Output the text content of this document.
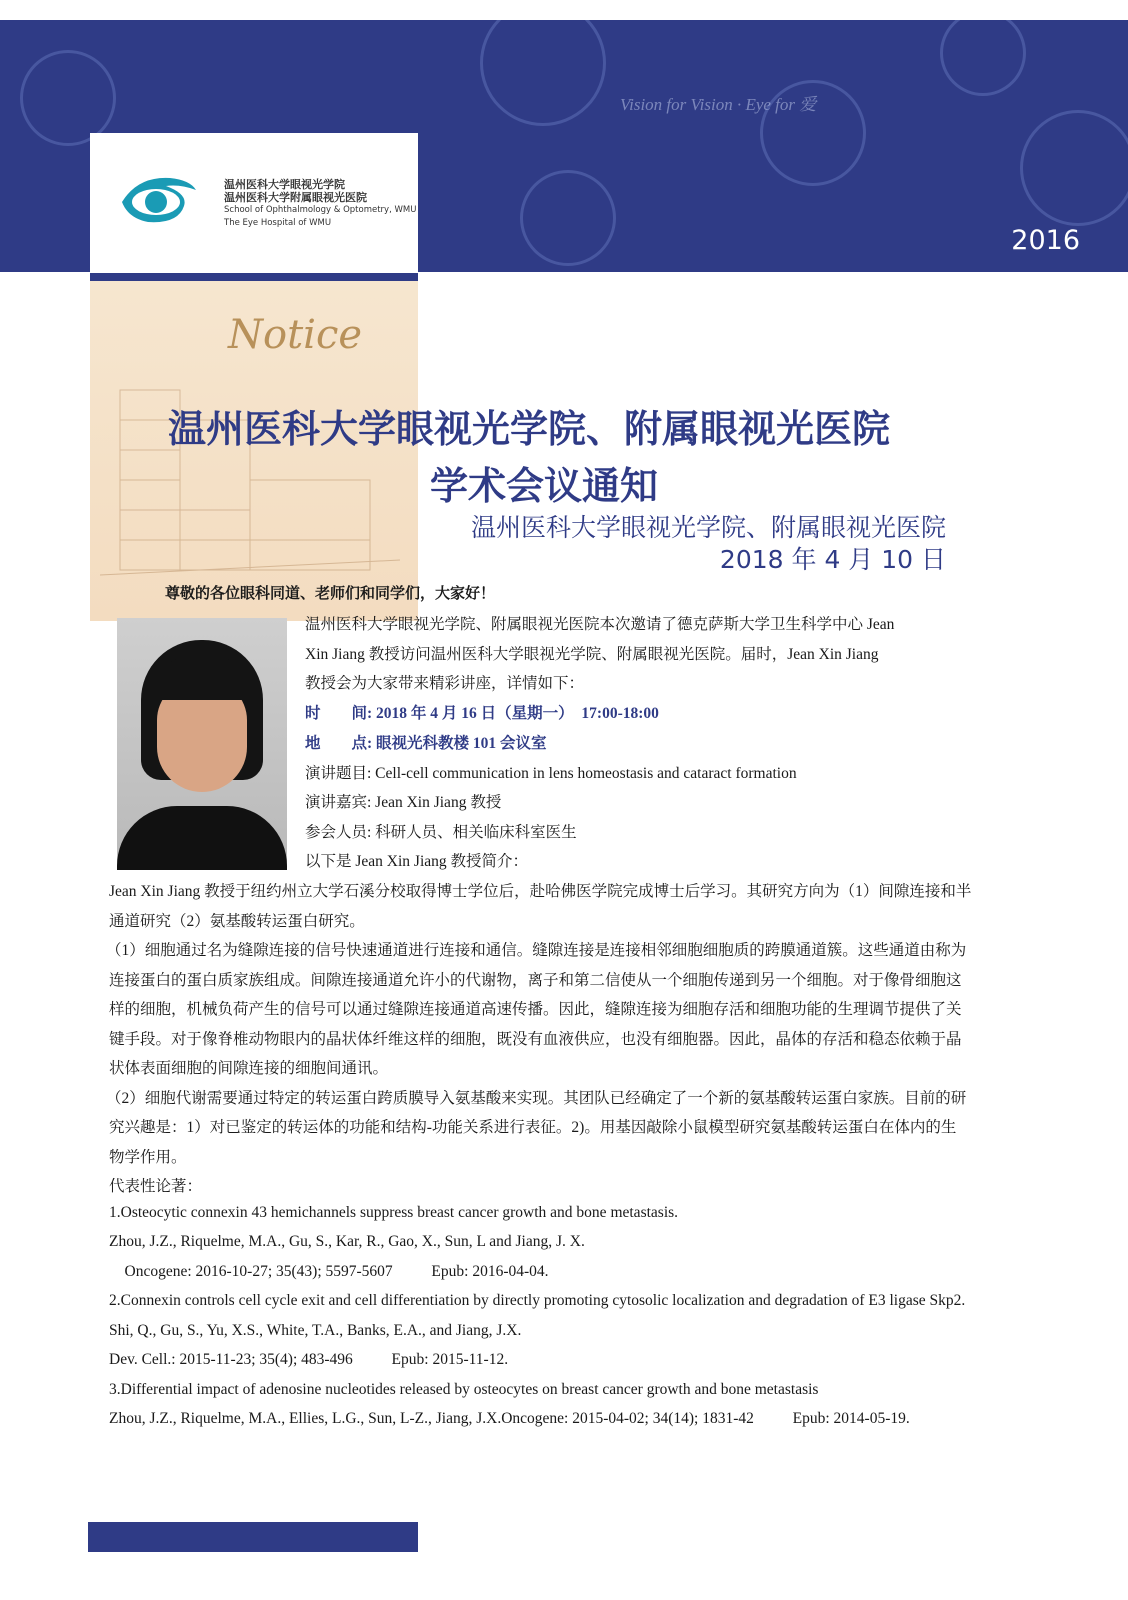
Vision for Vision · Eye for 爱
2016
温州医科大学眼视光学院
温州医科大学附属眼视光医院
School of Ophthalmology & Optometry, WMU
The Eye Hospital of WMU
Notice
温州医科大学眼视光学院、附属眼视光医院
学术会议通知
温州医科大学眼视光学院、附属眼视光医院
2018 年 4 月 10 日
尊敬的各位眼科同道、老师们和同学们，大家好！
温州医科大学眼视光学院、附属眼视光医院本次邀请了德克萨斯大学卫生科学中心 Jean
Xin Jiang 教授访问温州医科大学眼视光学院、附属眼视光医院。届时，Jean Xin Jiang
教授会为大家带来精彩讲座，详情如下：
时　　间: 2018 年 4 月 16 日（星期一）  17:00-18:00
地　　点: 眼视光科教楼 101 会议室
演讲题目: Cell-cell communication in lens homeostasis and cataract formation
演讲嘉宾: Jean Xin Jiang 教授
参会人员: 科研人员、相关临床科室医生
以下是 Jean Xin Jiang 教授简介：
Jean Xin Jiang 教授于纽约州立大学石溪分校取得博士学位后，赴哈佛医学院完成博士后学习。其研究方向为（1）间隙连接和半
通道研究（2）氨基酸转运蛋白研究。
（1）细胞通过名为缝隙连接的信号快速通道进行连接和通信。缝隙连接是连接相邻细胞细胞质的跨膜通道簇。这些通道由称为
连接蛋白的蛋白质家族组成。间隙连接通道允许小的代谢物，离子和第二信使从一个细胞传递到另一个细胞。对于像骨细胞这
样的细胞，机械负荷产生的信号可以通过缝隙连接通道高速传播。因此，缝隙连接为细胞存活和细胞功能的生理调节提供了关
键手段。对于像脊椎动物眼内的晶状体纤维这样的细胞，既没有血液供应，也没有细胞器。因此，晶体的存活和稳态依赖于晶
状体表面细胞的间隙连接的细胞间通讯。
（2）细胞代谢需要通过特定的转运蛋白跨质膜导入氨基酸来实现。其团队已经确定了一个新的氨基酸转运蛋白家族。目前的研
究兴趣是：1）对已鉴定的转运体的功能和结构-功能关系进行表征。2)。用基因敲除小鼠模型研究氨基酸转运蛋白在体内的生
物学作用。
代表性论著：
1.Osteocytic connexin 43 hemichannels suppress breast cancer growth and bone metastasis.
Zhou, J.Z., Riquelme, M.A., Gu, S., Kar, R., Gao, X., Sun, L and Jiang, J. X.
Oncogene: 2016-10-27; 35(43); 5597-5607          Epub: 2016-04-04.
2.Connexin controls cell cycle exit and cell differentiation by directly promoting cytosolic localization and degradation of E3 ligase Skp2.
Shi, Q., Gu, S., Yu, X.S., White, T.A., Banks, E.A., and Jiang, J.X.
Dev. Cell.: 2015-11-23; 35(4); 483-496          Epub: 2015-11-12.
3.Differential impact of adenosine nucleotides released by osteocytes on breast cancer growth and bone metastasis
Zhou, J.Z., Riquelme, M.A., Ellies, L.G., Sun, L-Z., Jiang, J.X.Oncogene: 2015-04-02; 34(14); 1831-42          Epub: 2014-05-19.
